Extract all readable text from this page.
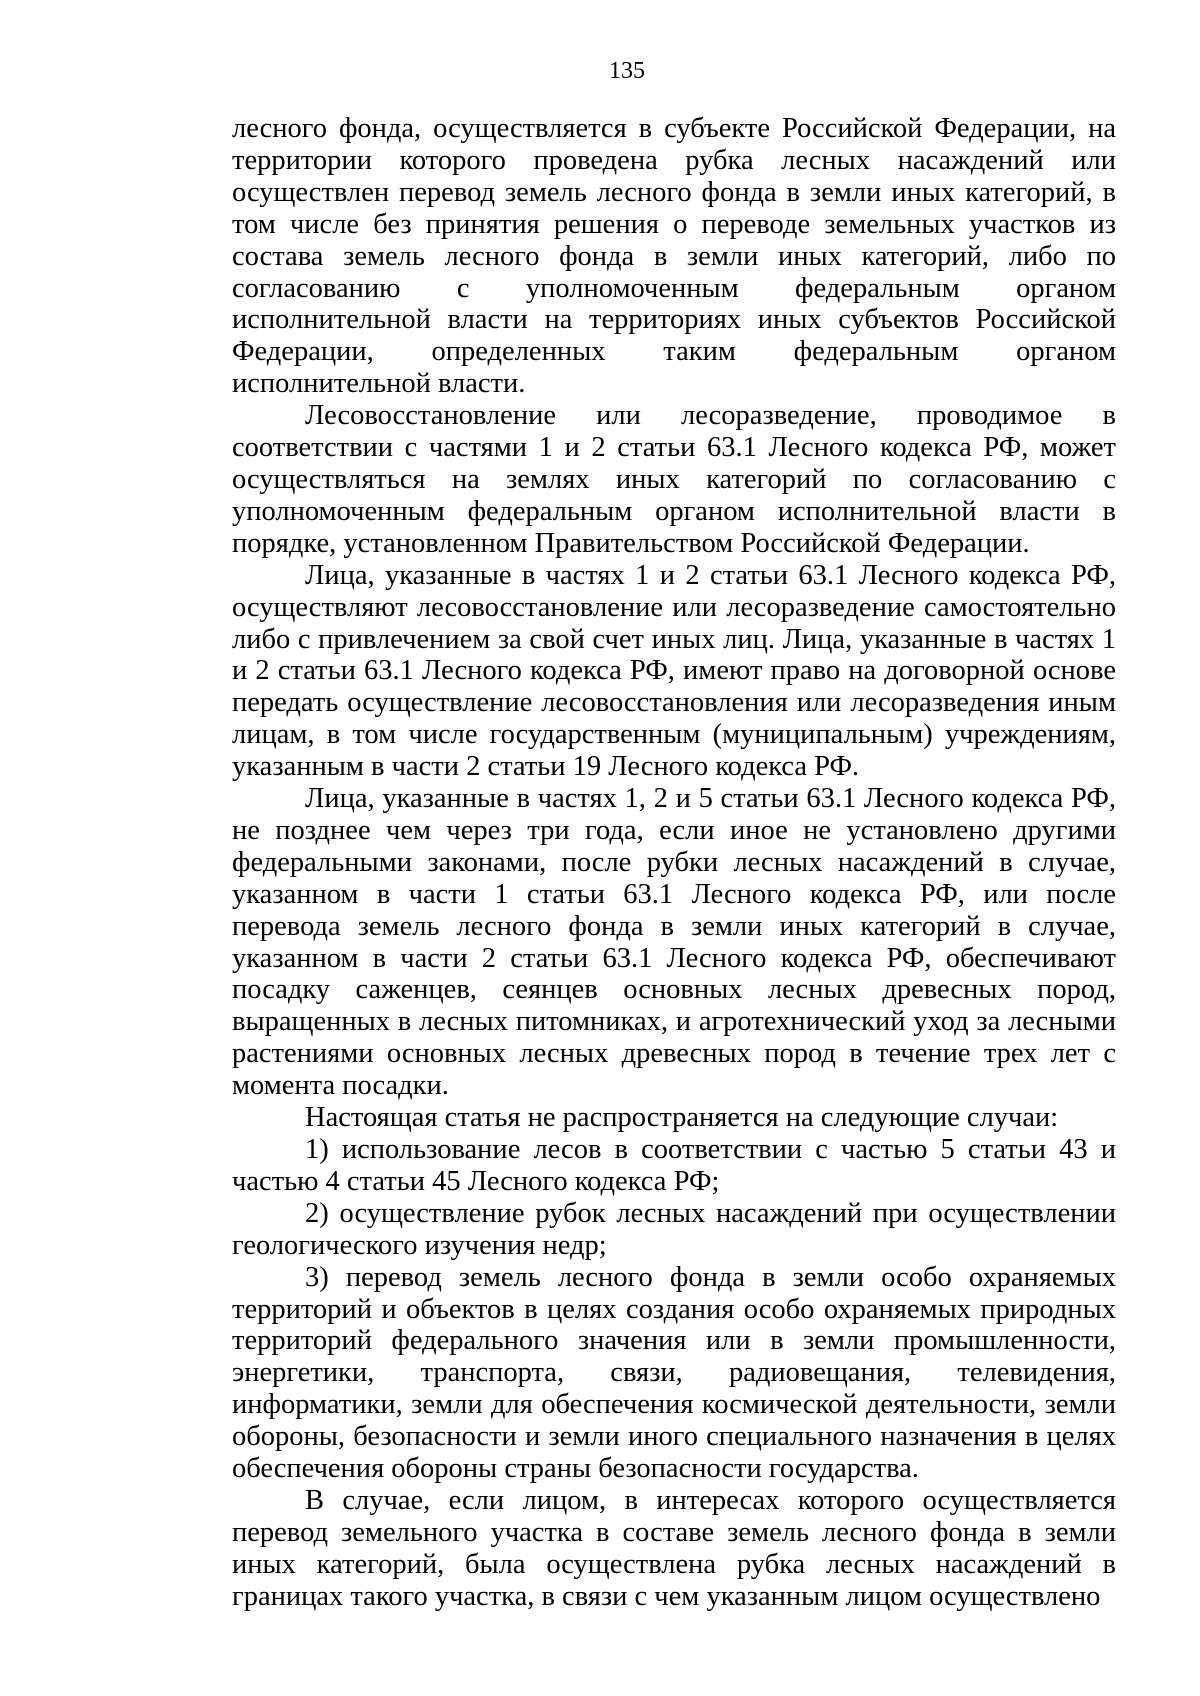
135

лесного фонда, осуществляется в субъекте Российской Федерации, на территории которого проведена рубка лесных насаждений или осуществлен перевод земель лесного фонда в земли иных категорий, в том числе без принятия решения о переводе земельных участков из состава земель лесного фонда в земли иных категорий, либо по согласованию с уполномоченным федеральным органом исполнительной власти на территориях иных субъектов Российской Федерации, определенных таким федеральным органом исполнительной власти.

Лесовосстановление или лесоразведение, проводимое в соответствии с частями 1 и 2 статьи 63.1 Лесного кодекса РФ, может осуществляться на землях иных категорий по согласованию с уполномоченным федеральным органом исполнительной власти в порядке, установленном Правительством Российской Федерации.

Лица, указанные в частях 1 и 2 статьи 63.1 Лесного кодекса РФ, осуществляют лесовосстановление или лесоразведение самостоятельно либо с привлечением за свой счет иных лиц. Лица, указанные в частях 1 и 2 статьи 63.1 Лесного кодекса РФ, имеют право на договорной основе передать осуществление лесовосстановления или лесоразведения иным лицам, в том числе государственным (муниципальным) учреждениям, указанным в части 2 статьи 19 Лесного кодекса РФ.

Лица, указанные в частях 1, 2 и 5 статьи 63.1 Лесного кодекса РФ, не позднее чем через три года, если иное не установлено другими федеральными законами, после рубки лесных насаждений в случае, указанном в части 1 статьи 63.1 Лесного кодекса РФ, или после перевода земель лесного фонда в земли иных категорий в случае, указанном в части 2 статьи 63.1 Лесного кодекса РФ, обеспечивают посадку саженцев, сеянцев основных лесных древесных пород, выращенных в лесных питомниках, и агротехнический уход за лесными растениями основных лесных древесных пород в течение трех лет с момента посадки.

Настоящая статья не распространяется на следующие случаи:

1) использование лесов в соответствии с частью 5 статьи 43 и частью 4 статьи 45 Лесного кодекса РФ;

2) осуществление рубок лесных насаждений при осуществлении геологического изучения недр;

3) перевод земель лесного фонда в земли особо охраняемых территорий и объектов в целях создания особо охраняемых природных территорий федерального значения или в земли промышленности, энергетики, транспорта, связи, радиовещания, телевидения, информатики, земли для обеспечения космической деятельности, земли обороны, безопасности и земли иного специального назначения в целях обеспечения обороны страны безопасности государства.

В случае, если лицом, в интересах которого осуществляется перевод земельного участка в составе земель лесного фонда в земли иных категорий, была осуществлена рубка лесных насаждений в границах такого участка, в связи с чем указанным лицом осуществлено
